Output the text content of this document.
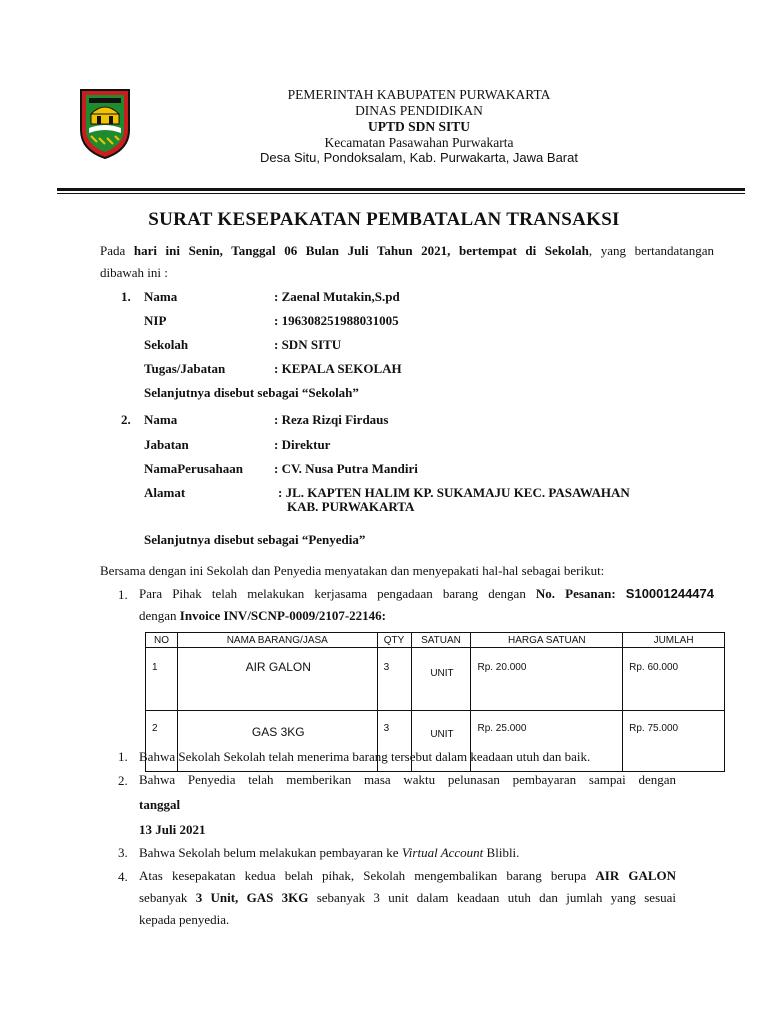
PEMERINTAH KABUPATEN PURWAKARTA
DINAS PENDIDIKAN
UPTD SDN SITU
Kecamatan Pasawahan Purwakarta
Desa Situ, Pondoksalam, Kab. Purwakarta, Jawa Barat
SURAT KESEPAKATAN PEMBATALAN TRANSAKSI
Pada hari ini Senin, Tanggal 06 Bulan Juli Tahun 2021, bertempat di Sekolah, yang bertandatangan
dibawah ini :
1. Nama	: Zaenal Mutakin,S.pd
NIP	: 196308251988031005
Sekolah	: SDN SITU
Tugas/Jabatan	: KEPALA SEKOLAH
Selanjutnya disebut sebagai “Sekolah”
2. Nama	: Reza Rizqi Firdaus
Jabatan	: Direktur
NamaPerusahaan : CV. Nusa Putra Mandiri
Alamat	: JL. KAPTEN HALIM KP. SUKAMAJU KEC. PASAWAHAN
KAB. PURWAKARTA
Selanjutnya disebut sebagai “Penyedia”
Bersama dengan ini Sekolah dan Penyedia menyatakan dan menyepakati hal-hal sebagai berikut:
1. Para Pihak telah melakukan kerjasama pengadaan barang dengan No. Pesanan: S10001244474
dengan Invoice INV/SCNP-0009/2107-22146:
NO	NAMA BARANG/JASA	QTY	SATUAN	HARGA SATUAN	JUMLAH
1	AIR GALON	3	UNIT	Rp. 20.000	Rp. 60.000
2	GAS 3KG	3	UNIT	Rp. 25.000	Rp. 75.000
1. Bahwa Sekolah Sekolah telah menerima barang tersebut dalam keadaan utuh dan baik.
2. Bahwa Penyedia telah memberikan masa waktu pelunasan pembayaran sampai dengan
tanggal
13 Juli 2021
3. Bahwa Sekolah belum melakukan pembayaran ke Virtual Account Blibli.
4. Atas kesepakatan kedua belah pihak, Sekolah mengembalikan barang berupa AIR GALON
sebanyak 3 Unit, GAS 3KG sebanyak 3 unit dalam keadaan utuh dan jumlah yang sesuai
kepada penyedia.
